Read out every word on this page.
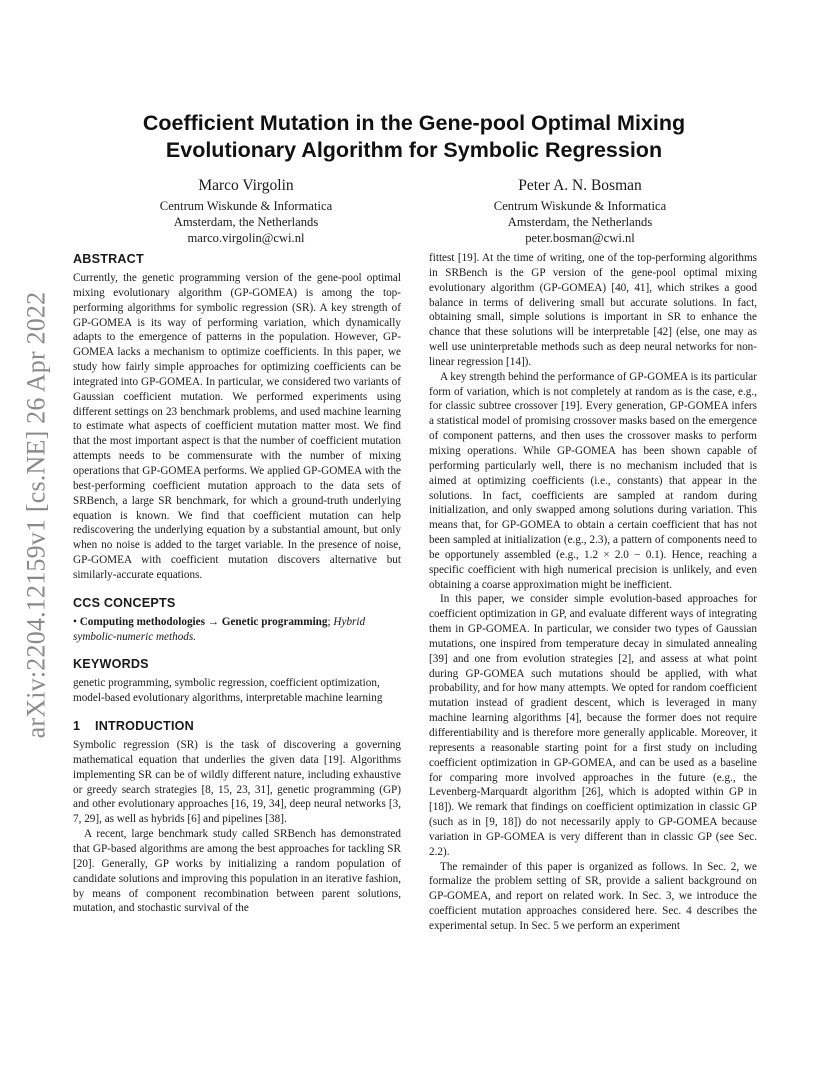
arXiv:2204.12159v1 [cs.NE] 26 Apr 2022
Coefficient Mutation in the Gene-pool Optimal Mixing
Evolutionary Algorithm for Symbolic Regression
Marco Virgolin
Centrum Wiskunde & Informatica
Amsterdam, the Netherlands
marco.virgolin@cwi.nl
Peter A. N. Bosman
Centrum Wiskunde & Informatica
Amsterdam, the Netherlands
peter.bosman@cwi.nl
ABSTRACT

Currently, the genetic programming version of the gene-pool optimal mixing evolutionary algorithm (GP-GOMEA) is among the top-performing algorithms for symbolic regression (SR). A key strength of GP-GOMEA is its way of performing variation, which dynamically adapts to the emergence of patterns in the population. However, GP-GOMEA lacks a mechanism to optimize coefficients. In this paper, we study how fairly simple approaches for optimizing coefficients can be integrated into GP-GOMEA. In particular, we considered two variants of Gaussian coefficient mutation. We performed experiments using different settings on 23 benchmark problems, and used machine learning to estimate what aspects of coefficient mutation matter most. We find that the most important aspect is that the number of coefficient mutation attempts needs to be commensurate with the number of mixing operations that GP-GOMEA performs. We applied GP-GOMEA with the best-performing coefficient mutation approach to the data sets of SRBench, a large SR benchmark, for which a ground-truth underlying equation is known. We find that coefficient mutation can help rediscovering the underlying equation by a substantial amount, but only when no noise is added to the target variable. In the presence of noise, GP-GOMEA with coefficient mutation discovers alternative but similarly-accurate equations.

CCS CONCEPTS

• Computing methodologies → Genetic programming; Hybrid symbolic-numeric methods.

KEYWORDS

genetic programming, symbolic regression, coefficient optimization, model-based evolutionary algorithms, interpretable machine learning

1    INTRODUCTION

Symbolic regression (SR) is the task of discovering a governing mathematical equation that underlies the given data [19]. Algorithms implementing SR can be of wildly different nature, including exhaustive or greedy search strategies [8, 15, 23, 31], genetic programming (GP) and other evolutionary approaches [16, 19, 34], deep neural networks [3, 7, 29], as well as hybrids [6] and pipelines [38].

A recent, large benchmark study called SRBench has demonstrated that GP-based algorithms are among the best approaches for tackling SR [20]. Generally, GP works by initializing a random population of candidate solutions and improving this population in an iterative fashion, by means of component recombination between parent solutions, mutation, and stochastic survival of the

fittest [19]. At the time of writing, one of the top-performing algorithms in SRBench is the GP version of the gene-pool optimal mixing evolutionary algorithm (GP-GOMEA) [40, 41], which strikes a good balance in terms of delivering small but accurate solutions. In fact, obtaining small, simple solutions is important in SR to enhance the chance that these solutions will be interpretable [42] (else, one may as well use uninterpretable methods such as deep neural networks for non-linear regression [14]).

A key strength behind the performance of GP-GOMEA is its particular form of variation, which is not completely at random as is the case, e.g., for classic subtree crossover [19]. Every generation, GP-GOMEA infers a statistical model of promising crossover masks based on the emergence of component patterns, and then uses the crossover masks to perform mixing operations. While GP-GOMEA has been shown capable of performing particularly well, there is no mechanism included that is aimed at optimizing coefficients (i.e., constants) that appear in the solutions. In fact, coefficients are sampled at random during initialization, and only swapped among solutions during variation. This means that, for GP-GOMEA to obtain a certain coefficient that has not been sampled at initialization (e.g., 2.3), a pattern of components need to be opportunely assembled (e.g., 1.2 × 2.0 − 0.1). Hence, reaching a specific coefficient with high numerical precision is unlikely, and even obtaining a coarse approximation might be inefficient.

In this paper, we consider simple evolution-based approaches for coefficient optimization in GP, and evaluate different ways of integrating them in GP-GOMEA. In particular, we consider two types of Gaussian mutations, one inspired from temperature decay in simulated annealing [39] and one from evolution strategies [2], and assess at what point during GP-GOMEA such mutations should be applied, with what probability, and for how many attempts. We opted for random coefficient mutation instead of gradient descent, which is leveraged in many machine learning algorithms [4], because the former does not require differentiability and is therefore more generally applicable. Moreover, it represents a reasonable starting point for a first study on including coefficient optimization in GP-GOMEA, and can be used as a baseline for comparing more involved approaches in the future (e.g., the Levenberg-Marquardt algorithm [26], which is adopted within GP in [18]). We remark that findings on coefficient optimization in classic GP (such as in [9, 18]) do not necessarily apply to GP-GOMEA because variation in GP-GOMEA is very different than in classic GP (see Sec. 2.2).

The remainder of this paper is organized as follows. In Sec. 2, we formalize the problem setting of SR, provide a salient background on GP-GOMEA, and report on related work. In Sec. 3, we introduce the coefficient mutation approaches considered here. Sec. 4 describes the experimental setup. In Sec. 5 we perform an experiment
